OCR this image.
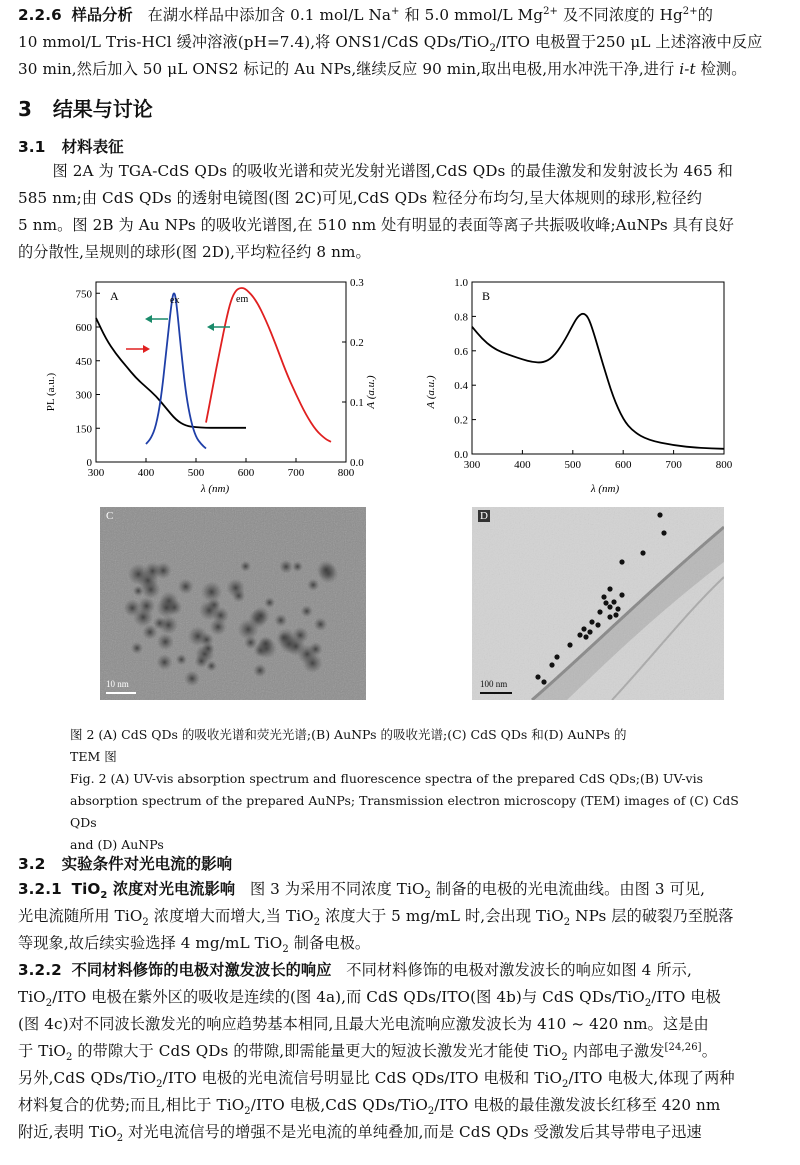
2.2.6 样品分析 在湖水样品中添加含 0.1 mol/L Na+ 和 5.0 mmol/L $Mg^{2+}$ 及不同浓度的 $Hg^{2+}$的
10 mmol/L Tris-HCl 缓冲溶液(pH=7.4),将 ONS1/CdS QDs/TiO$_2$/ITO 电极置于250 μL 上述溶液中反应
30 min,然后加入 50 μL ONS2 标记的 Au NPs,继续反应 90 min,取出电极,用水冲洗干净,进行 i-t 检测。

3 结果与讨论
3.1 材料表征

图 2A 为 TGA-CdS QDs 的吸收光谱和荧光发射光谱图,CdS QDs 的最佳激发和发射波长为 465 和
585 nm;由 CdS QDs 的透射电镜图(图 2C)可见,CdS QDs 粒径分布均匀,呈大体规则的球形,粒径约
5 nm。图 2B 为 Au NPs 的吸收光谱图,在 510 nm 处有明显的表面等离子共振吸收峰;AuNPs 具有良好
的分散性,呈规则的球形(图 2D),平均粒径约 8 nm。

300	400	500	600	700	800
0
150
300
450
600
750
0.0
0.1
0.2
0.3
A	ex	em
PL (a.u.)	A (a.u.)
λ (nm)
300	400	500	600	700	800
0.0
0.2
0.4
0.6
0.8
1.0
B
A (a.u.)
λ (nm)
C
10 nm
D
100 nm
图 2 (A) CdS QDs 的吸收光谱和荧光光谱;(B) AuNPs 的吸收光谱;(C) CdS QDs 和(D) AuNPs 的
TEM 图
Fig. 2 (A) UV-vis absorption spectrum and fluorescence spectra of the prepared CdS QDs;(B) UV-vis
absorption spectrum of the prepared AuNPs; Transmission electron microscopy (TEM) images of (C) CdS QDs
and (D) AuNPs
3.2 实验条件对光电流的影响

3.2.1 TiO$_2$ 浓度对光电流影响 图 3 为采用不同浓度 TiO$_2$ 制备的电极的光电流曲线。由图 3 可见,
光电流随所用 TiO$_2$ 浓度增大而增大,当 TiO$_2$ 浓度大于 5 mg/mL 时,会出现 TiO$_2$ NPs 层的破裂乃至脱落
等现象,故后续实验选择 4 mg/mL TiO$_2$ 制备电极。

3.2.2 不同材料修饰的电极对激发波长的响应 不同材料修饰的电极对激发波长的响应如图 4 所示,
TiO$_2$/ITO 电极在紫外区的吸收是连续的(图 4a),而 CdS QDs/ITO(图 4b)与 CdS QDs/TiO$_2$/ITO 电极
(图 4c)对不同波长激发光的响应趋势基本相同,且最大光电流响应激发波长为 410 ~ 420 nm。这是由
于 TiO$_2$ 的带隙大于 CdS QDs 的带隙,即需能量更大的短波长激发光才能使 TiO$_2$ 内部电子激发[24,26]。
另外,CdS QDs/TiO$_2$/ITO 电极的光电流信号明显比 CdS QDs/ITO 电极和 TiO$_2$/ITO 电极大,体现了两种
材料复合的优势;而且,相比于 TiO$_2$/ITO 电极,CdS QDs/TiO$_2$/ITO 电极的最佳激发波长红移至 420 nm
附近,表明 TiO$_2$ 对光电流信号的增强不是光电流的单纯叠加,而是 CdS QDs 受激发后其导带电子迅速
